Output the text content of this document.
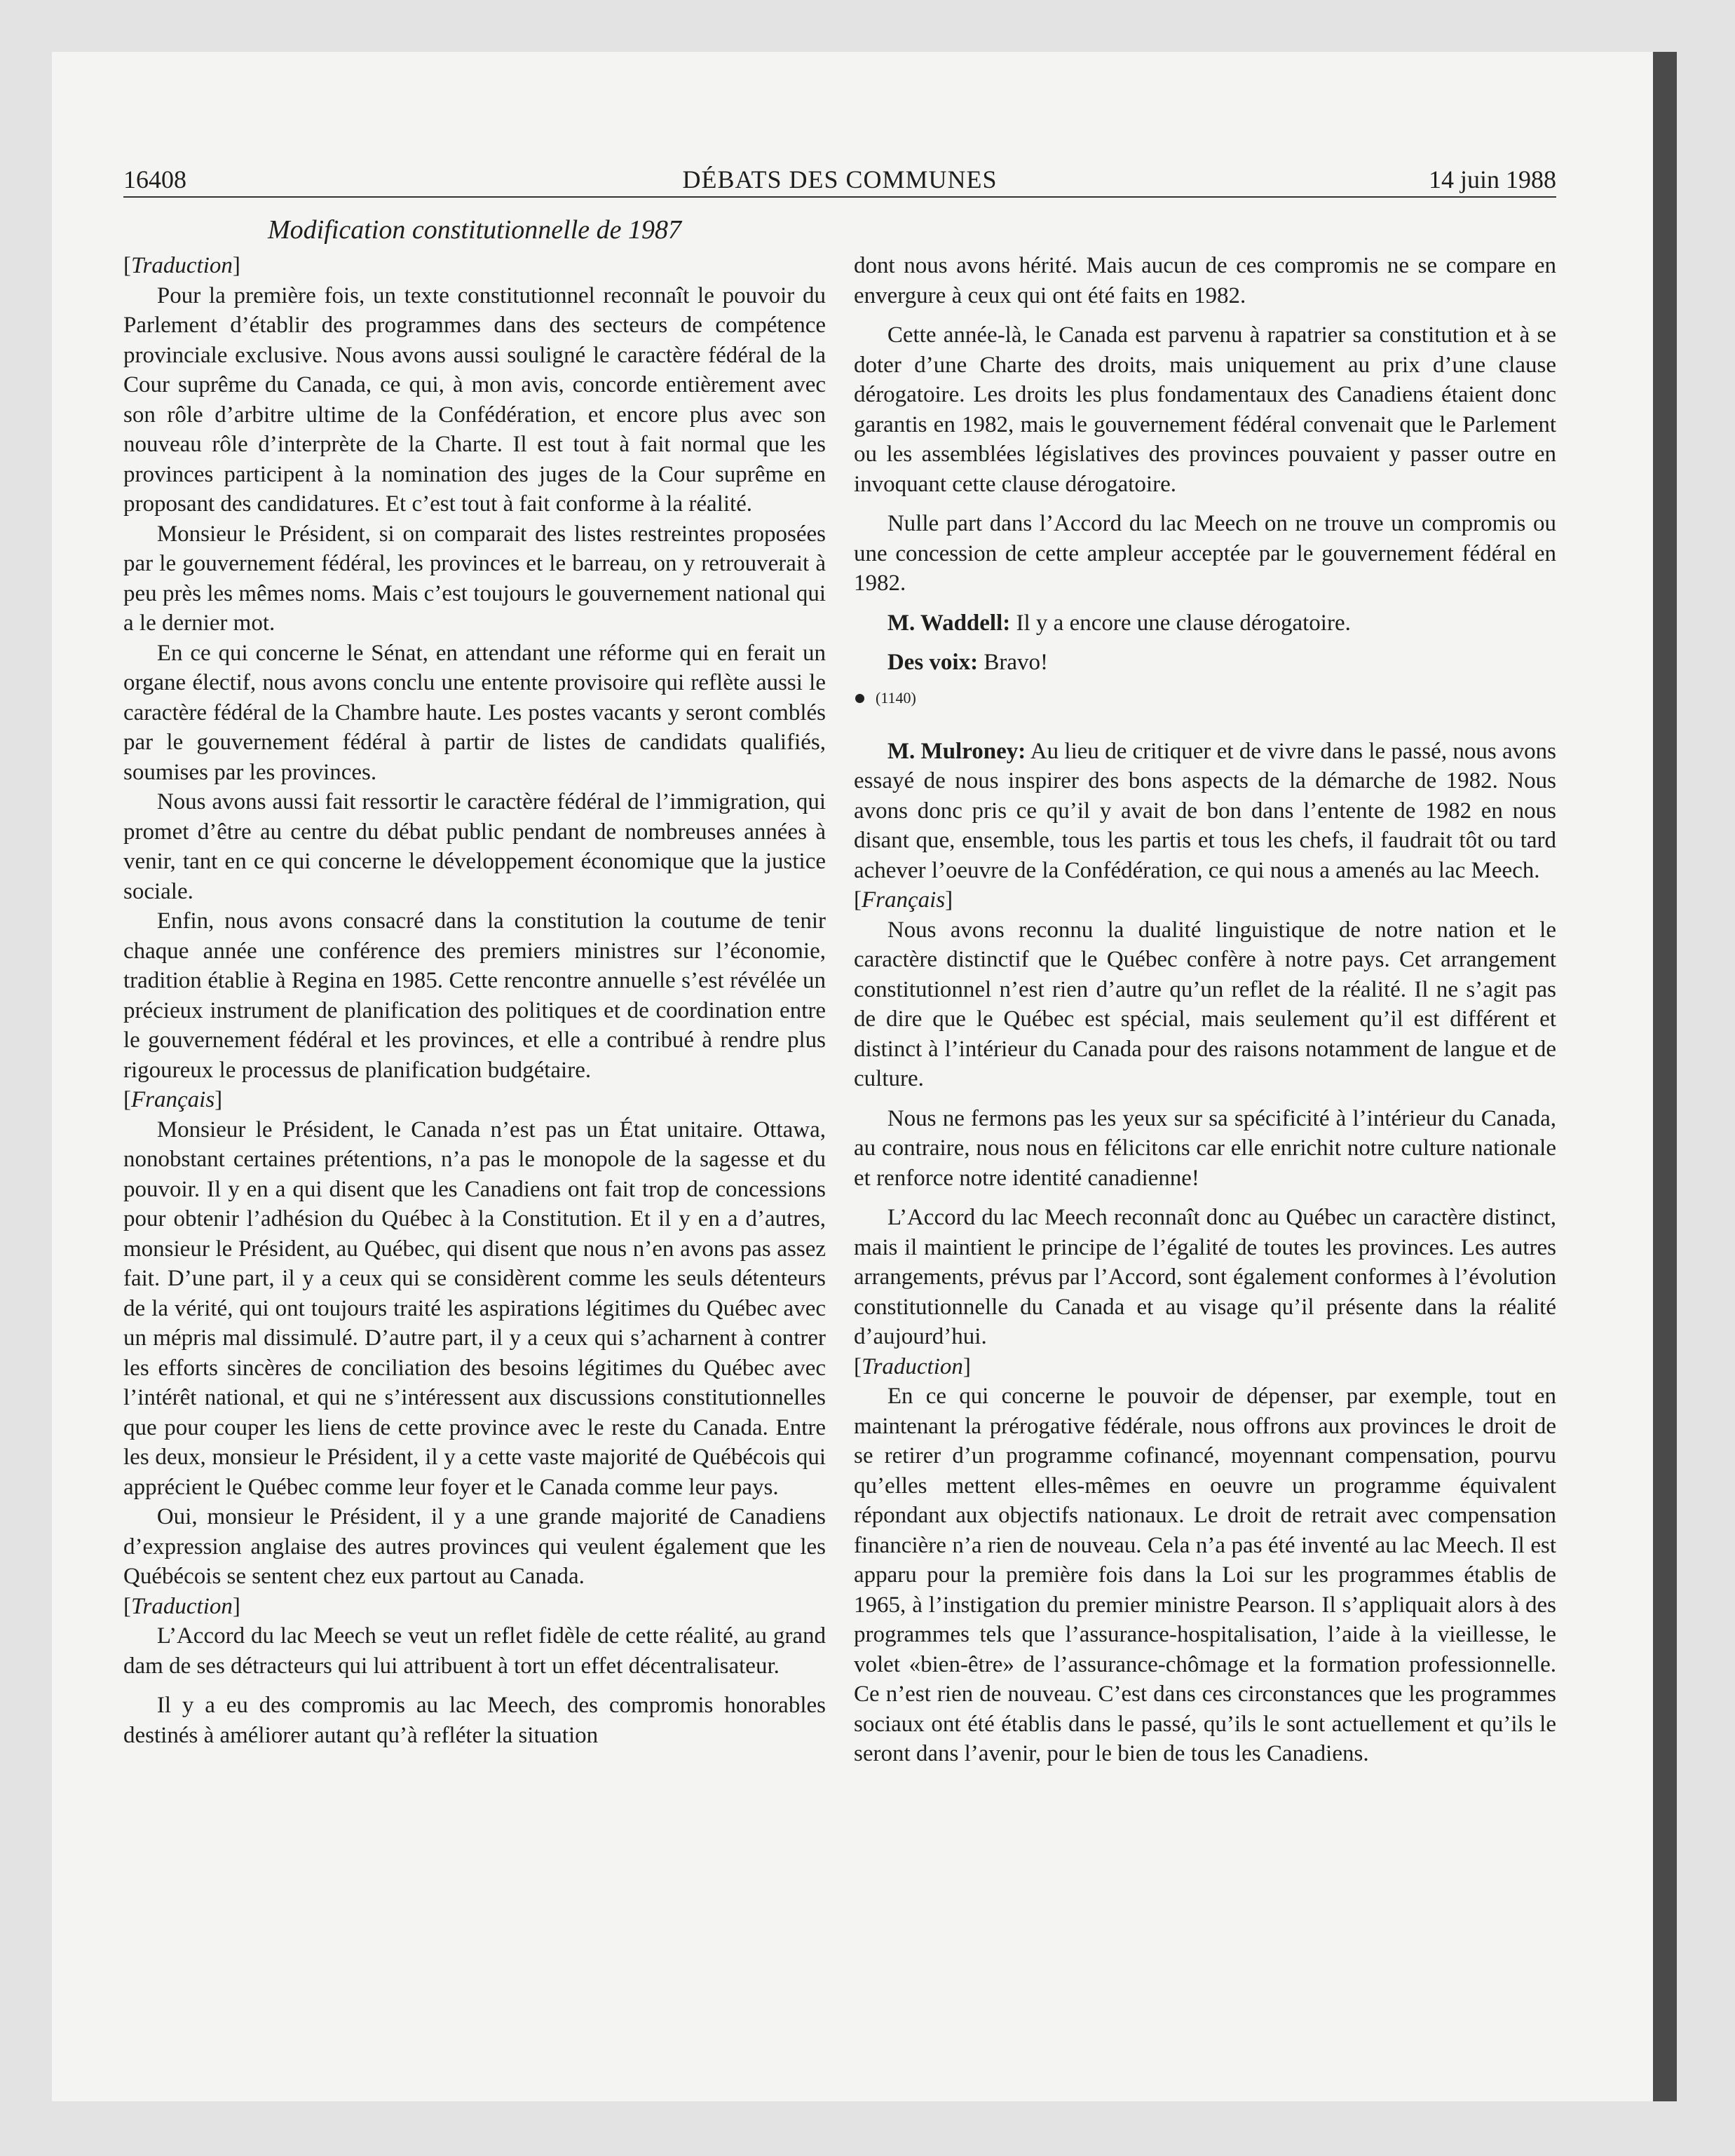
16408	DÉBATS DES COMMUNES	14 juin 1988
Modification constitutionnelle de 1987

[Traduction]

Pour la première fois, un texte constitutionnel reconnaît le pouvoir du Parlement d’établir des programmes dans des secteurs de compétence provinciale exclusive. Nous avons aussi souligné le caractère fédéral de la Cour suprême du Canada, ce qui, à mon avis, concorde entièrement avec son rôle d’arbitre ultime de la Confédération, et encore plus avec son nouveau rôle d’interprète de la Charte. Il est tout à fait normal que les provinces participent à la nomination des juges de la Cour suprême en proposant des candidatures. Et c’est tout à fait conforme à la réalité.

Monsieur le Président, si on comparait des listes restreintes proposées par le gouvernement fédéral, les provinces et le barreau, on y retrouverait à peu près les mêmes noms. Mais c’est toujours le gouvernement national qui a le dernier mot.

En ce qui concerne le Sénat, en attendant une réforme qui en ferait un organe électif, nous avons conclu une entente provisoire qui reflète aussi le caractère fédéral de la Chambre haute. Les postes vacants y seront comblés par le gouvernement fédéral à partir de listes de candidats qualifiés, soumises par les provinces.

Nous avons aussi fait ressortir le caractère fédéral de l’immigration, qui promet d’être au centre du débat public pendant de nombreuses années à venir, tant en ce qui concerne le développement économique que la justice sociale.

Enfin, nous avons consacré dans la constitution la coutume de tenir chaque année une conférence des premiers ministres sur l’économie, tradition établie à Regina en 1985. Cette rencontre annuelle s’est révélée un précieux instrument de planification des politiques et de coordination entre le gouvernement fédéral et les provinces, et elle a contribué à rendre plus rigoureux le processus de planification budgétaire.

[Français]

Monsieur le Président, le Canada n’est pas un État unitaire. Ottawa, nonobstant certaines prétentions, n’a pas le monopole de la sagesse et du pouvoir. Il y en a qui disent que les Canadiens ont fait trop de concessions pour obtenir l’adhésion du Québec à la Constitution. Et il y en a d’autres, monsieur le Président, au Québec, qui disent que nous n’en avons pas assez fait. D’une part, il y a ceux qui se considèrent comme les seuls détenteurs de la vérité, qui ont toujours traité les aspirations légitimes du Québec avec un mépris mal dissimulé. D’autre part, il y a ceux qui s’acharnent à contrer les efforts sincères de conciliation des besoins légitimes du Québec avec l’intérêt national, et qui ne s’intéressent aux discussions constitutionnelles que pour couper les liens de cette province avec le reste du Canada. Entre les deux, monsieur le Président, il y a cette vaste majorité de Québécois qui apprécient le Québec comme leur foyer et le Canada comme leur pays.

Oui, monsieur le Président, il y a une grande majorité de Canadiens d’expression anglaise des autres provinces qui veulent également que les Québécois se sentent chez eux partout au Canada.

[Traduction]

L’Accord du lac Meech se veut un reflet fidèle de cette réalité, au grand dam de ses détracteurs qui lui attribuent à tort un effet décentralisateur.

Il y a eu des compromis au lac Meech, des compromis honorables destinés à améliorer autant qu’à refléter la situation

dont nous avons hérité. Mais aucun de ces compromis ne se compare en envergure à ceux qui ont été faits en 1982.

Cette année-là, le Canada est parvenu à rapatrier sa constitution et à se doter d’une Charte des droits, mais uniquement au prix d’une clause dérogatoire. Les droits les plus fondamentaux des Canadiens étaient donc garantis en 1982, mais le gouvernement fédéral convenait que le Parlement ou les assemblées législatives des provinces pouvaient y passer outre en invoquant cette clause dérogatoire.

Nulle part dans l’Accord du lac Meech on ne trouve un compromis ou une concession de cette ampleur acceptée par le gouvernement fédéral en 1982.

M. Waddell: Il y a encore une clause dérogatoire.

Des voix: Bravo!

(1140)

M. Mulroney: Au lieu de critiquer et de vivre dans le passé, nous avons essayé de nous inspirer des bons aspects de la démarche de 1982. Nous avons donc pris ce qu’il y avait de bon dans l’entente de 1982 en nous disant que, ensemble, tous les partis et tous les chefs, il faudrait tôt ou tard achever l’oeuvre de la Confédération, ce qui nous a amenés au lac Meech.

[Français]

Nous avons reconnu la dualité linguistique de notre nation et le caractère distinctif que le Québec confère à notre pays. Cet arrangement constitutionnel n’est rien d’autre qu’un reflet de la réalité. Il ne s’agit pas de dire que le Québec est spécial, mais seulement qu’il est différent et distinct à l’intérieur du Canada pour des raisons notamment de langue et de culture.

Nous ne fermons pas les yeux sur sa spécificité à l’intérieur du Canada, au contraire, nous nous en félicitons car elle enrichit notre culture nationale et renforce notre identité canadienne!

L’Accord du lac Meech reconnaît donc au Québec un caractère distinct, mais il maintient le principe de l’égalité de toutes les provinces. Les autres arrangements, prévus par l’Accord, sont également conformes à l’évolution constitutionnelle du Canada et au visage qu’il présente dans la réalité d’aujourd’hui.

[Traduction]

En ce qui concerne le pouvoir de dépenser, par exemple, tout en maintenant la prérogative fédérale, nous offrons aux provinces le droit de se retirer d’un programme cofinancé, moyennant compensation, pourvu qu’elles mettent elles-mêmes en oeuvre un programme équivalent répondant aux objectifs nationaux. Le droit de retrait avec compensation financière n’a rien de nouveau. Cela n’a pas été inventé au lac Meech. Il est apparu pour la première fois dans la Loi sur les programmes établis de 1965, à l’instigation du premier ministre Pearson. Il s’appliquait alors à des programmes tels que l’assurance-hospitalisation, l’aide à la vieillesse, le volet «bien-être» de l’assurance-chômage et la formation professionnelle. Ce n’est rien de nouveau. C’est dans ces circonstances que les programmes sociaux ont été établis dans le passé, qu’ils le sont actuellement et qu’ils le seront dans l’avenir, pour le bien de tous les Canadiens.
